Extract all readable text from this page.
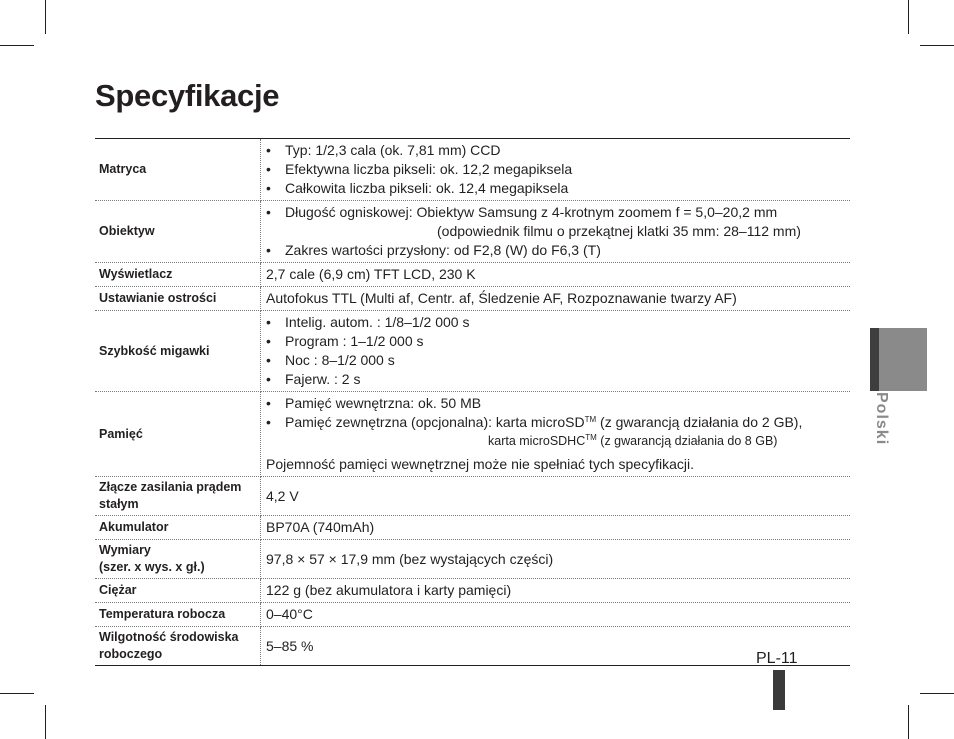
Specyfikacje
Matryca	• Typ: 1/2,3 cala (ok. 7,81 mm) CCD
• Efektywna liczba pikseli: ok. 12,2 megapiksela
• Całkowita liczba pikseli: ok. 12,4 megapiksela

Obiektyw	• Długość ogniskowej: Obiektyw Samsung z 4-krotnym zoomem f = 5,0–20,2 mm
(odpowiednik filmu o przekątnej klatki 35 mm: 28–112 mm)
• Zakres wartości przysłony: od F2,8 (W) do F6,3 (T)

Wyświetlacz	2,7 cale (6,9 cm) TFT LCD, 230 K
Ustawianie ostrości	Autofokus TTL (Multi af, Centr. af, Śledzenie AF, Rozpoznawanie twarzy AF)
Szybkość migawki	• Intelig. autom. : 1/8–1/2 000 s
• Program : 1–1/2 000 s
• Noc : 8–1/2 000 s
• Fajerw. : 2 s

Pamięć	• Pamięć wewnętrzna: ok. 50 MB
• Pamięć zewnętrzna (opcjonalna): karta microSD™ (z gwarancją działania do 2 GB),
karta microSDHC™ (z gwarancją działania do 8 GB)
Pojemność pamięci wewnętrznej może nie spełniać tych specyfikacji.

Złącze zasilania prądem stałym	4,2 V
Akumulator	BP70A (740mAh)

Wymiary
(szer. x wys. x gł.)	97,8 × 57 × 17,9 mm (bez wystających części)
Ciężar	122 g (bez akumulatora i karty pamięci)
Temperatura robocza	0–40°C
Wilgotność środowiska roboczego	5–85 %
Polski
PL-11
